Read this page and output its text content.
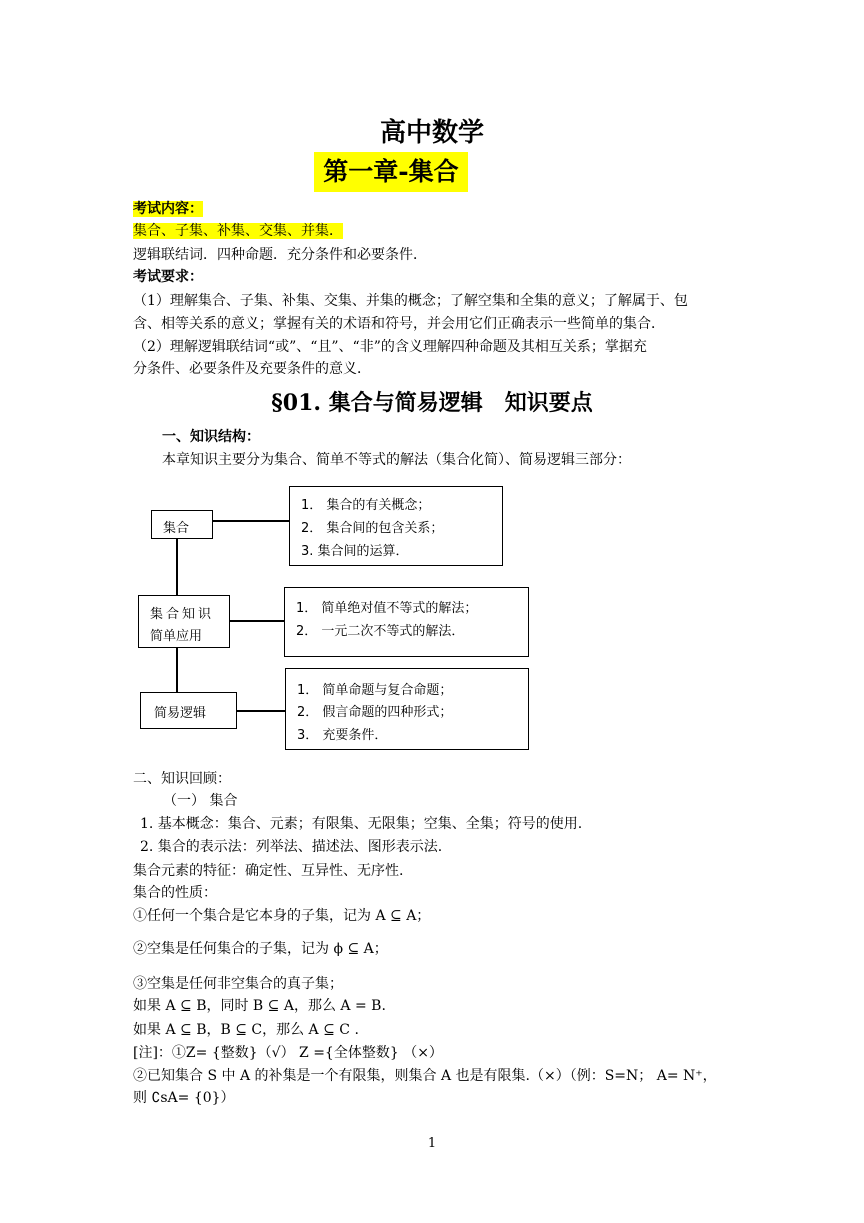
高中数学
第一章-集合
考试内容：
集合、子集、补集、交集、并集．
逻辑联结词．四种命题．充分条件和必要条件．
考试要求：
（1）理解集合、子集、补集、交集、并集的概念；了解空集和全集的意义；了解属于、包
含、相等关系的意义；掌握有关的术语和符号，并会用它们正确表示一些简单的集合．
（2）理解逻辑联结词“或”、“且”、“非”的含义理解四种命题及其相互关系；掌据充
分条件、必要条件及充要条件的意义．
§01. 集合与简易逻辑　知识要点
一、知识结构：
本章知识主要分为集合、简单不等式的解法（集合化简）、简易逻辑三部分：
集合
集合知识
简单应用
简易逻辑
1． 集合的有关概念；
2． 集合间的包含关系；
3. 集合间的运算．
1． 简单绝对值不等式的解法；
2． 一元二次不等式的解法．
1． 简单命题与复合命题；
2． 假言命题的四种形式；
3． 充要条件．
二、知识回顾：
（一） 集合
1. 基本概念：集合、元素；有限集、无限集；空集、全集；符号的使用.
2. 集合的表示法：列举法、描述法、图形表示法.
集合元素的特征：确定性、互异性、无序性.
集合的性质：
①任何一个集合是它本身的子集，记为 A ⊆ A；
②空集是任何集合的子集，记为 ϕ ⊆ A；
③空集是任何非空集合的真子集；
如果 A ⊆ B，同时 B ⊆ A，那么 A = B.
如果 A ⊆ B，B ⊆ C，那么 A ⊆ C .
[注]：①Z= {整数}（√） Z ={全体整数} （×）
②已知集合 S 中 A 的补集是一个有限集，则集合 A 也是有限集.（×）（例：S=N； A= N⁺，
则 ∁sA= {0}）
1
